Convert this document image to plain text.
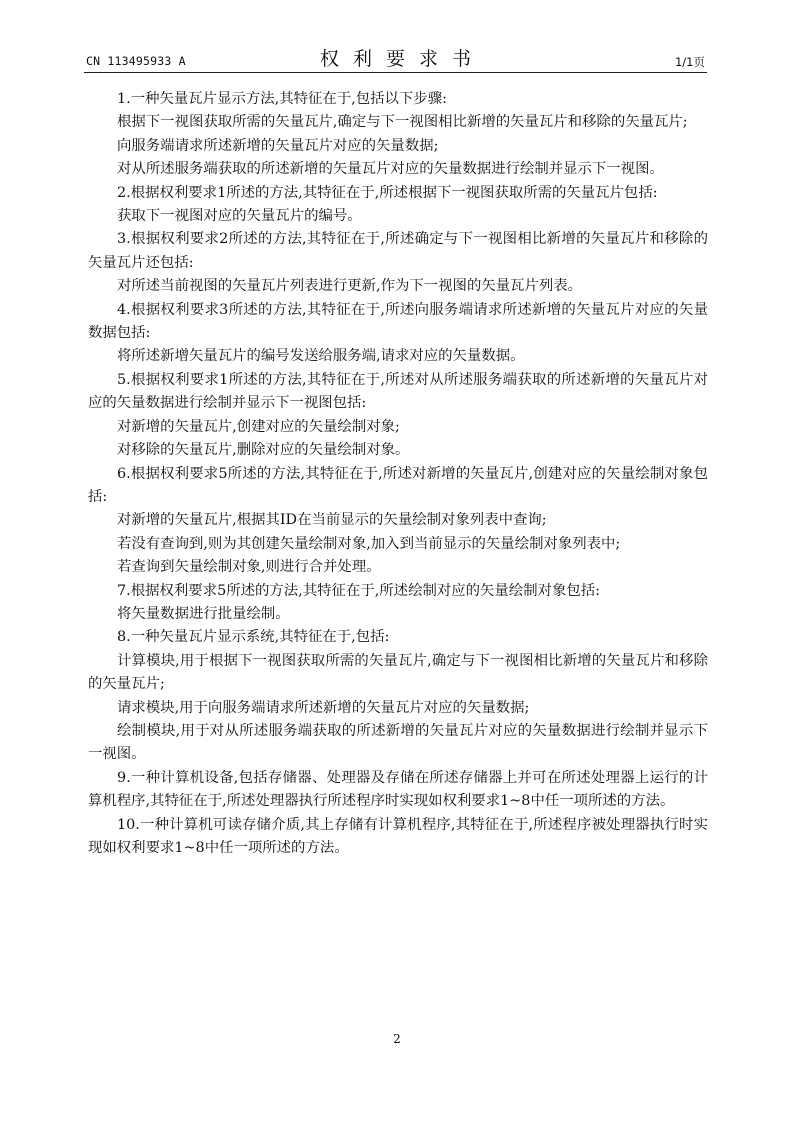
CN 113495933 A	权利要求书	1/1页

1.一种矢量瓦片显示方法,其特征在于,包括以下步骤:

根据下一视图获取所需的矢量瓦片,确定与下一视图相比新增的矢量瓦片和移除的矢量瓦片;

向服务端请求所述新增的矢量瓦片对应的矢量数据;

对从所述服务端获取的所述新增的矢量瓦片对应的矢量数据进行绘制并显示下一视图。

2.根据权利要求1所述的方法,其特征在于,所述根据下一视图获取所需的矢量瓦片包括:

获取下一视图对应的矢量瓦片的编号。

3.根据权利要求2所述的方法,其特征在于,所述确定与下一视图相比新增的矢量瓦片和移除的矢量瓦片还包括:

对所述当前视图的矢量瓦片列表进行更新,作为下一视图的矢量瓦片列表。

4.根据权利要求3所述的方法,其特征在于,所述向服务端请求所述新增的矢量瓦片对应的矢量数据包括:

将所述新增矢量瓦片的编号发送给服务端,请求对应的矢量数据。

5.根据权利要求1所述的方法,其特征在于,所述对从所述服务端获取的所述新增的矢量瓦片对应的矢量数据进行绘制并显示下一视图包括:

对新增的矢量瓦片,创建对应的矢量绘制对象;

对移除的矢量瓦片,删除对应的矢量绘制对象。

6.根据权利要求5所述的方法,其特征在于,所述对新增的矢量瓦片,创建对应的矢量绘制对象包括:

对新增的矢量瓦片,根据其ID在当前显示的矢量绘制对象列表中查询;

若没有查询到,则为其创建矢量绘制对象,加入到当前显示的矢量绘制对象列表中;

若查询到矢量绘制对象,则进行合并处理。

7.根据权利要求5所述的方法,其特征在于,所述绘制对应的矢量绘制对象包括:

将矢量数据进行批量绘制。

8.一种矢量瓦片显示系统,其特征在于,包括:

计算模块,用于根据下一视图获取所需的矢量瓦片,确定与下一视图相比新增的矢量瓦片和移除的矢量瓦片;

请求模块,用于向服务端请求所述新增的矢量瓦片对应的矢量数据;

绘制模块,用于对从所述服务端获取的所述新增的矢量瓦片对应的矢量数据进行绘制并显示下一视图。

9.一种计算机设备,包括存储器、处理器及存储在所述存储器上并可在所述处理器上运行的计算机程序,其特征在于,所述处理器执行所述程序时实现如权利要求1~8中任一项所述的方法。

10.一种计算机可读存储介质,其上存储有计算机程序,其特征在于,所述程序被处理器执行时实现如权利要求1~8中任一项所述的方法。

2
